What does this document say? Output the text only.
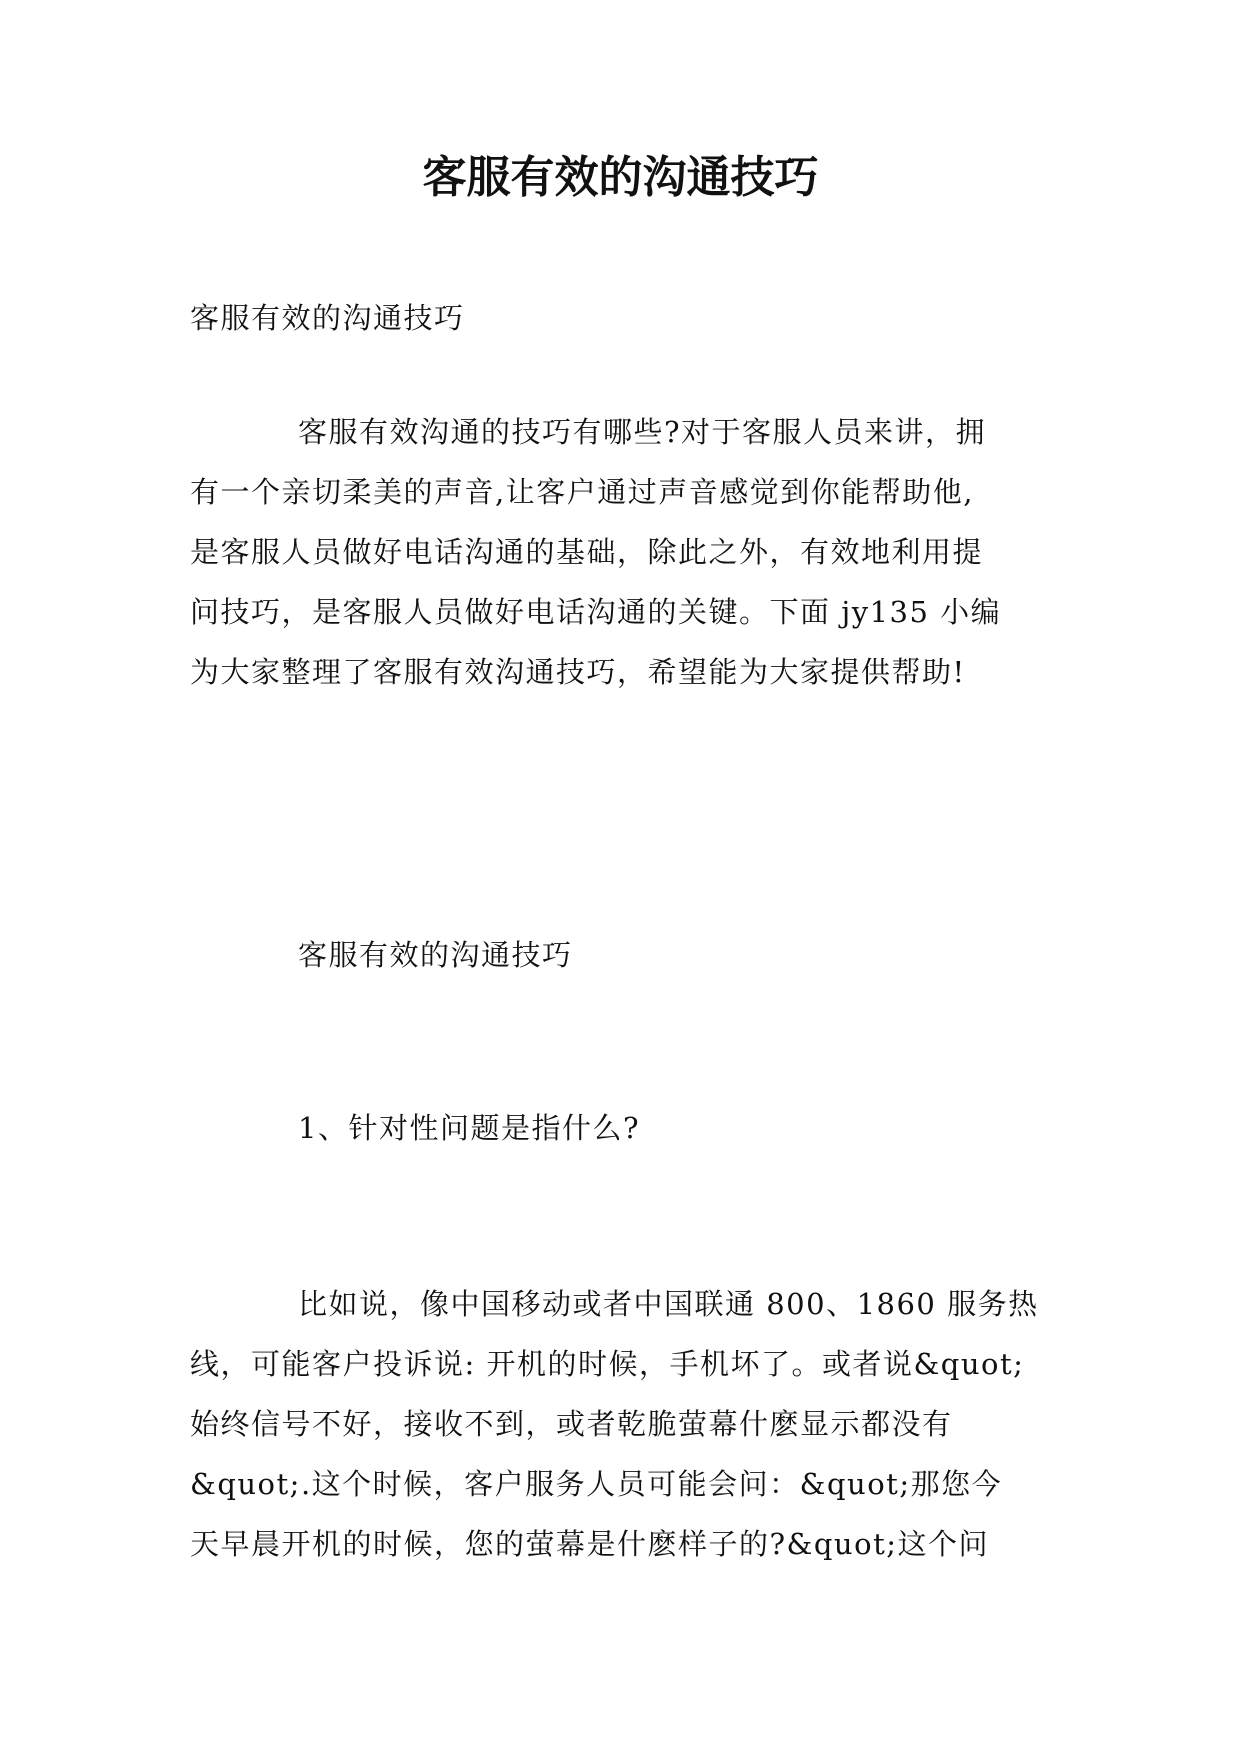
客服有效的沟通技巧

客服有效的沟通技巧

客服有效沟通的技巧有哪些?对于客服人员来讲，拥
有一个亲切柔美的声音,让客户通过声音感觉到你能帮助他,
是客服人员做好电话沟通的基础，除此之外，有效地利用提
问技巧，是客服人员做好电话沟通的关键。下面 jy135 小编
为大家整理了客服有效沟通技巧，希望能为大家提供帮助!

客服有效的沟通技巧

1、针对性问题是指什么?

比如说，像中国移动或者中国联通 800、1860 服务热
线，可能客户投诉说: 开机的时候，手机坏了。或者说&quot;
始终信号不好，接收不到，或者乾脆萤幕什麽显示都没有
&quot;.这个时候，客户服务人员可能会问：&quot;那您今
天早晨开机的时候，您的萤幕是什麽样子的?&quot;这个问
